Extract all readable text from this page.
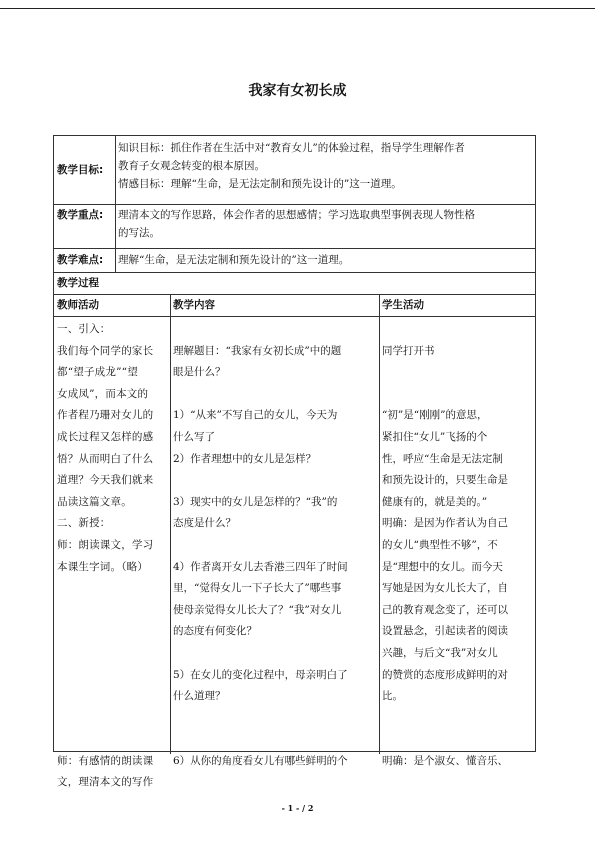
我家有女初长成
教学目标:
知识目标：抓住作者在生活中对“教育女儿”的体验过程，指导学生理解作者
教育子女观念转变的根本原因。
情感目标：理解“生命，是无法定制和预先设计的”这一道理。
教学重点: 理清本文的写作思路，体会作者的思想感情；学习选取典型事例表现人物性格
的写法。
教学难点: 理解“生命，是无法定制和预先设计的”这一道理。
教学过程
教师活动	教学内容	学生活动
一、引入：
我们每个同学的家长
都“望子成龙”“望
女成凤”，而本文的
作者程乃珊对女儿的
成长过程又怎样的感
悟？从而明白了什么
道理？今天我们就来
品读这篇文章。
二、新授：
师：朗读课文，学习
本课生字词。（略）
师：有感情的朗读课
文，理清本文的写作
理解题目：“我家有女初长成”中的题
眼是什么？
1）“从来”不写自己的女儿，今天为
什么写了
2）作者理想中的女儿是怎样？
3）现实中的女儿是怎样的？“我”的
态度是什么？
4）作者离开女儿去香港三四年了时间
里，“觉得女儿一下子长大了”哪些事
使母亲觉得女儿长大了？“我”对女儿
的态度有何变化？
5）在女儿的变化过程中，母亲明白了
什么道理？
6）从你的角度看女儿有哪些鲜明的个
同学打开书
“初”是“刚刚”的意思，
紧扣住“女儿”飞扬的个
性，呼应“生命是无法定制
和预先设计的，只要生命是
健康有的，就是美的。”
明确：是因为作者认为自己
的女儿“典型性不够”，不
是“理想中的女儿。而今天
写她是因为女儿长大了，自
己的教育观念变了，还可以
设置悬念，引起读者的阅读
兴趣，与后文“我”对女儿
的赞赏的态度形成鲜明的对
比。
明确：是个淑女、懂音乐、
- 1 - / 2
